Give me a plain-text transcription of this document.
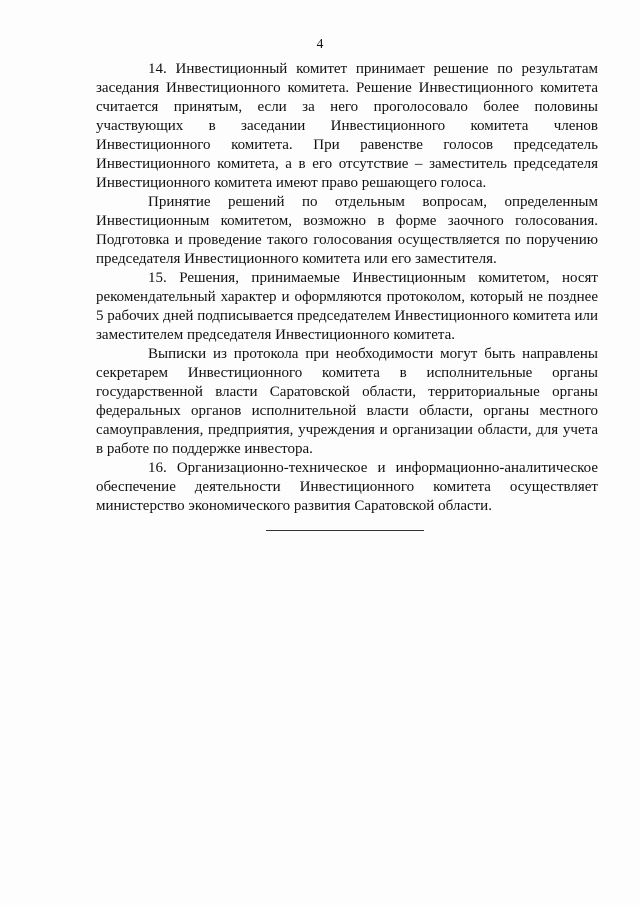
4

14. Инвестиционный комитет принимает решение по результатам заседания Инвестиционного комитета. Решение Инвестиционного комитета считается принятым, если за него проголосовало более половины участвующих в заседании Инвестиционного комитета членов Инвестиционного комитета. При равенстве голосов председатель Инвестиционного комитета, а в его отсутствие – заместитель председателя Инвестиционного комитета имеют право решающего голоса.

Принятие решений по отдельным вопросам, определенным Инвестиционным комитетом, возможно в форме заочного голосования. Подготовка и проведение такого голосования осуществляется по поручению председателя Инвестиционного комитета или его заместителя.

15. Решения, принимаемые Инвестиционным комитетом, носят рекомендательный характер и оформляются протоколом, который не позднее 5 рабочих дней подписывается председателем Инвестиционного комитета или заместителем председателя Инвестиционного комитета.

Выписки из протокола при необходимости могут быть направлены секретарем Инвестиционного комитета в исполнительные органы государственной власти Саратовской области, территориальные органы федеральных органов исполнительной власти области, органы местного самоуправления, предприятия, учреждения и организации области, для учета в работе по поддержке инвестора.

16. Организационно-техническое и информационно-аналитическое обеспечение деятельности Инвестиционного комитета осуществляет министерство экономического развития Саратовской области.
